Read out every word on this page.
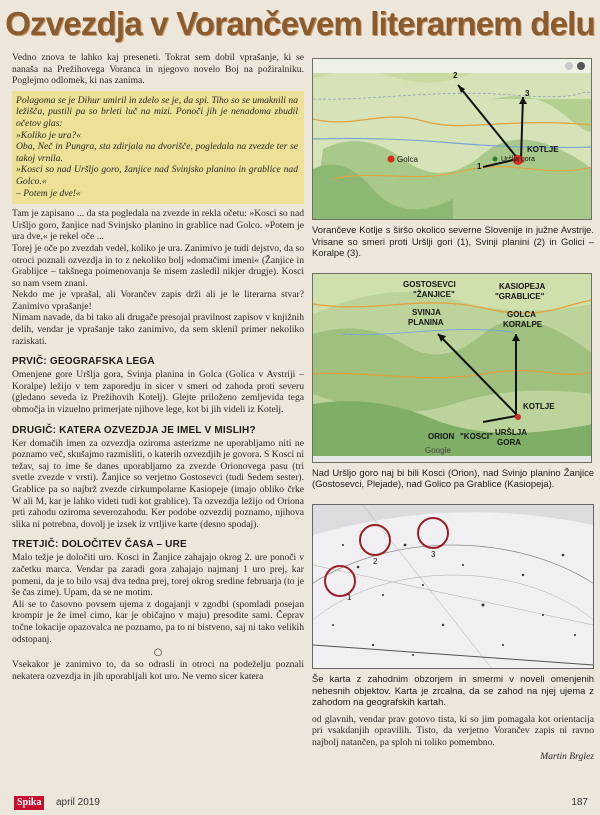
Ozvezdja v Vorančevem literarnem delu

Vedno znova te lahko kaj preseneti. Tokrat sem dobil vprašanje, ki se nanaša na Prežihovega Voranca in njegovo novelo Boj na požiralniku. Poglejmo odlomek, ki nas zanima.

Polagoma se je Dihur umiril in zdelo se je, da spi. Tiho so se umaknili na ležišča, pustili pa so brleti luč na mizi. Ponoči jih je nenadoma zbudil očetov glas:

»Koliko je ura?«

Oba, Neč in Pungra, sta zdirjala na dvorišče, pogledala na zvezde ter se takoj vrnila.

»Kosci so nad Uršljo goro, žanjice nad Svinjsko planino in grablice nad Golco.«

– Potem je dve!«

Tam je zapisano ... da sta pogledala na zvezde in rekla očetu: »Kosci so nad Uršljo goro, žanjice nad Svinjsko planino in grablice nad Golco. »Potem je ura dve,« je rekel oče ...

Torej je oče po zvezdah vedel, koliko je ura. Zanimivo je tudi dejstvo, da so otroci poznali ozvezdja in to z nekoliko bolj »domačimi imeni« (Žanjice in Grablijce – takšnega poimenovanja še nisem zasledil nikjer drugje). Kosci so nam vsem znani.

Nekdo me je vprašal, ali Vorančev zapis drži ali je le literarna stvar? Zanimivo vprašanje!

Nimam navade, da bi tako ali drugače presojal pravilnost zapisov v knjižnih delih, vendar je vprašanje tako zanimivo, da sem sklenil primer nekoliko raziskati.

PRVIČ: GEOGRAFSKA LEGA

Omenjene gore Uršlja gora, Svinja planina in Golca (Golica v Avstriji – Koralpe) ležijo v tem zaporedju in sicer v smeri od zahoda proti severu (gledano seveda iz Prežihovih Kotelj). Glejte priloženo zemljevida tega območja in vizuelno primerjate njihove lege, kot bi jih videli iz Kotelj.

DRUGIČ: KATERA OZVEZDJA JE IMEL V MISLIH?

Ker domačih imen za ozvezdja oziroma asterizme ne uporabljamo niti ne poznamo več, skušajmo razmisliti, o katerih ozvezdjih je govora. S Kosci ni težav, saj to ime še danes uporabljamo za zvezde Orionovega pasu (tri svetle zvezde v vrsti). Žanjice so verjetno Gostosevci (tudi Sedem sester). Grablice pa so najbrž zvezde cirkumpolarne Kasiopeje (imajo obliko črke W ali M, kar je lahko videti tudi kot grablice). Ta ozvezdja ležijo od Oriona prti zahodu oziroma severozahodu. Ker podobe ozvezdij poznamo, njihova slika ni potrebna, dovolj je izsek iz vrtljive karte (desno spodaj).

TRETJIČ: DOLOČITEV ČASA – URE

Malo težje je določiti uro. Kosci in Žanjice zahajajo okrog 2. ure ponoči v začetku marca. Vendar pa zaradi gora zahajajo najmanj 1 uro prej, kar pomeni, da je to bilo vsaj dva tedna prej, torej okrog sredine februarja (to je še čas zime). Upam, da se ne motim.

Ali se to časovno povsem ujema z dogajanji v zgodbi (spomladi posejan krompir je že imel cimo, kar je običajno v maju) presodite sami. Čeprav točne lokacije opazovalca ne poznamo, pa to ni bistveno, saj ni tako velikih odstopanj.

○

Vsekakor je zanimivo to, da so odrasli in otroci na podeželju poznali nekatera ozvezdja in jih uporabljali kot uro. Ne vemo sicer katera

2
3
1
KOTLJE
Golca	Uršlja gora

Vorančeve Kotlje s širšo okolico severne Slovenije in južne Avstrije. Vrisane so smeri proti Uršlji gori (1), Svinji planini (2) in Golici – Koralpe (3).

GOSTOSEVCI
"ŽANJICE"
KASIOPEJA
"GRABLICE"
SVINJA
PLANINA
GOLCA
KORALPE
KOTLJE
ORION "KOSCI" URŠLJA
GORA
Google

Nad Uršljo goro naj bi bili Kosci (Orion), nad Svinjo planino Žanjice (Gostosevci, Plejade), nad Golico pa Grablice (Kasiopeja).

1
2
3

Še karta z zahodnim obzorjem in smermi v noveli omenjenih nebesnih objektov. Karta je zrcalna, da se zahod na njej ujema z zahodom na geografskih kartah.

od glavnih, vendar prav gotovo tista, ki so jim pomagala kot orientacija pri vsakdanjih opravilih. Tisto, da verjetno Vorančev zapis ni ravno najbolj natančen, pa sploh ni toliko pomembno.

Martin Brglez

Spika	april 2019	187
